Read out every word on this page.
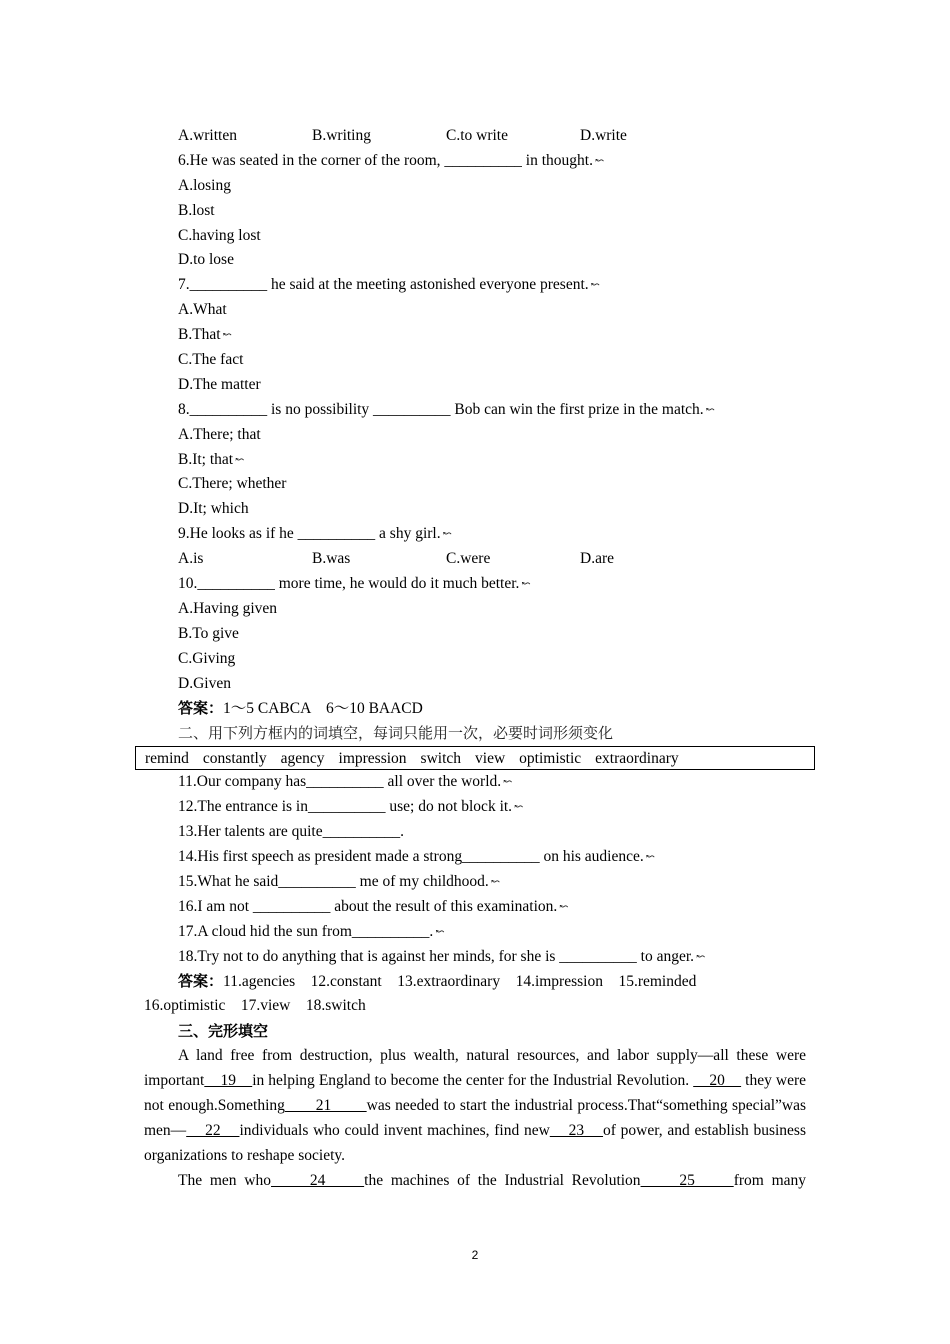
A.written	B.writing	C.to write	D.write
6.He was seated in the corner of the room, __________ in thought. ↜
A.losing
B.lost
C.having lost
D.to lose
7.__________ he said at the meeting astonished everyone present. ↜
A.What
B.That ↜
C.The fact
D.The matter
8.__________ is no possibility __________ Bob can win the first prize in the match. ↜
A.There; that
B.It; that ↜
C.There; whether
D.It; which
9.He looks as if he __________ a shy girl. ↜
A.is	B.was	C.were	D.are
10.__________ more time, he would do it much better. ↜
A.Having given
B.To give
C.Giving
D.Given
答案：1～5 CABCA　6～10 BAACD
二、用下列方框内的词填空，每词只能用一次，必要时词形须变化
remind constantly agency impression switch view optimistic extraordinary
11.Our company has__________ all over the world. ↜
12.The entrance is in__________ use; do not block it. ↜
13.Her talents are quite__________.
14.His first speech as president made a strong__________ on his audience. ↜
15.What he said__________ me of my childhood. ↜
16.I am not __________ about the result of this examination. ↜
17.A cloud hid the sun from__________. ↜
18.Try not to do anything that is against her minds, for she is __________ to anger. ↜
答案：11.agencies　12.constant　13.extraordinary　14.impression　15.reminded
16.optimistic　17.view　18.switch
三、完形填空
A land free from destruction, plus wealth, natural resources, and labor supply—all these were important    19    in helping England to become the center for the Industrial Revolution.     20     they were not enough.Something       21        was needed to start the industrial process.That“something special”was men—    22    individuals who could invent machines, find new    23    of power, and establish business organizations to reshape society.
The men who     24     the machines of the Industrial Revolution     25     from many
2
